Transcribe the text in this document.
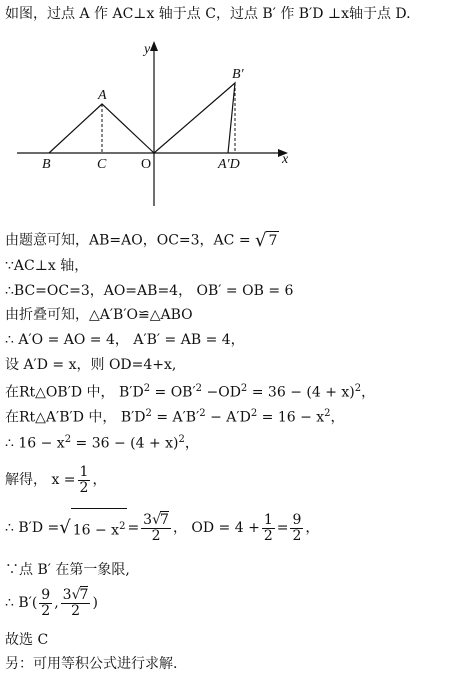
如图，过点 A 作 AC⊥x 轴于点 C，过点 B′ 作 B′D ⊥x轴于点 D.
y
x
A
B	C O
B′
A′D
由题意可知，AB=AO，OC=3，AC = √ 7
∵AC⊥x 轴，
∴BC=OC=3，AO=AB=4， OB′ = OB = 6
由折叠可知，△A′B′O≌△ABO
∴ A′O = AO = 4， A′B′ = AB = 4，
设 A′D = x，则 OD=4+x,
在Rt△OB′D 中， $B'D^2 = OB'^2 -OD^2 = 36 - (4 + x)^2$，
在Rt△A′B′D 中， $B'D^2 = A'B'^2 - A'D^2 = 16 - x^2$，
∴ $16 - x^2 = 36 - (4 + x)^2$，
解得， $x = \frac{1}{2}$ ，
∴ B′D =√ $16 - x^2= \frac{3√7}{2}$ ， OD = $4 + \frac{1}{2} = \frac{9}{2}$ ，
∵点 B′ 在第一象限,
∴ $B'( \frac{9}{2}$ , $\frac{3√7}{2}$ )
故选 C
另：可用等积公式进行求解.
